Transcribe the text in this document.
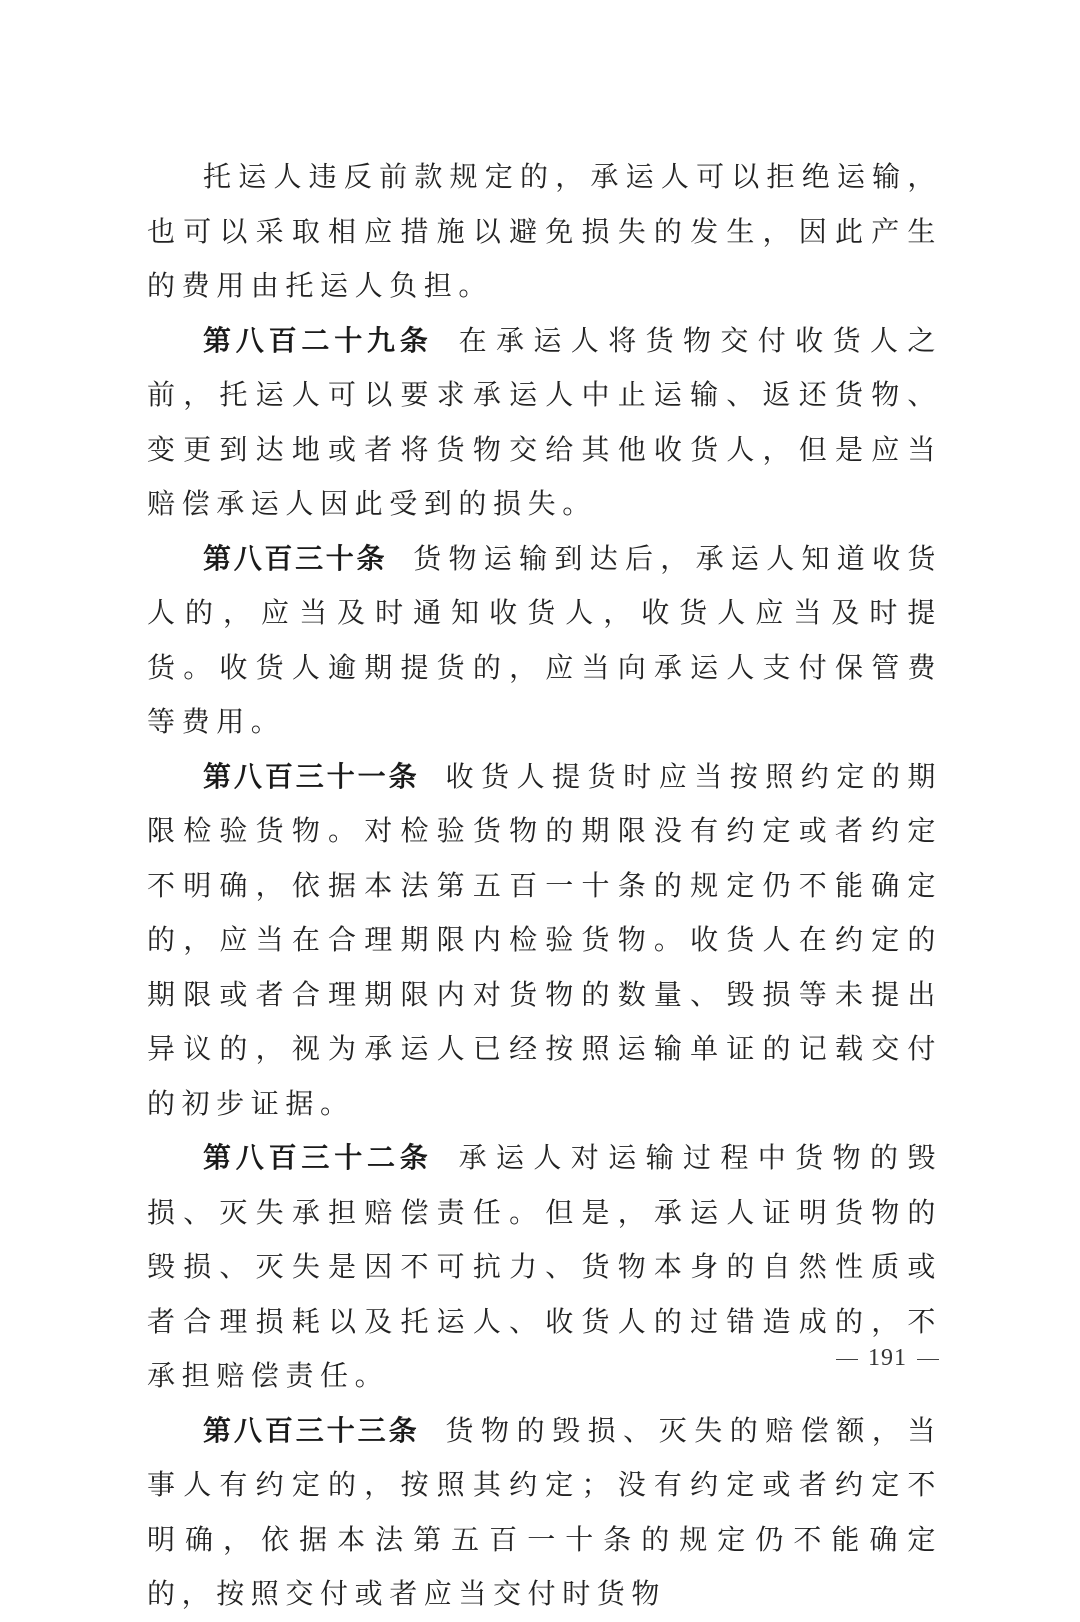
托运人违反前款规定的，承运人可以拒绝运输，也可以采取相应措施以避免损失的发生，因此产生的费用由托运人负担。

第八百二十九条 在承运人将货物交付收货人之前，托运人可以要求承运人中止运输、返还货物、变更到达地或者将货物交给其他收货人，但是应当赔偿承运人因此受到的损失。

第八百三十条 货物运输到达后，承运人知道收货人的，应当及时通知收货人，收货人应当及时提货。收货人逾期提货的，应当向承运人支付保管费等费用。

第八百三十一条 收货人提货时应当按照约定的期限检验货物。对检验货物的期限没有约定或者约定不明确，依据本法第五百一十条的规定仍不能确定的，应当在合理期限内检验货物。收货人在约定的期限或者合理期限内对货物的数量、毁损等未提出异议的，视为承运人已经按照运输单证的记载交付的初步证据。

第八百三十二条 承运人对运输过程中货物的毁损、灭失承担赔偿责任。但是，承运人证明货物的毁损、灭失是因不可抗力、货物本身的自然性质或者合理损耗以及托运人、收货人的过错造成的，不承担赔偿责任。

第八百三十三条 货物的毁损、灭失的赔偿额，当事人有约定的，按照其约定；没有约定或者约定不明确，依据本法第五百一十条的规定仍不能确定的，按照交付或者应当交付时货物

191
